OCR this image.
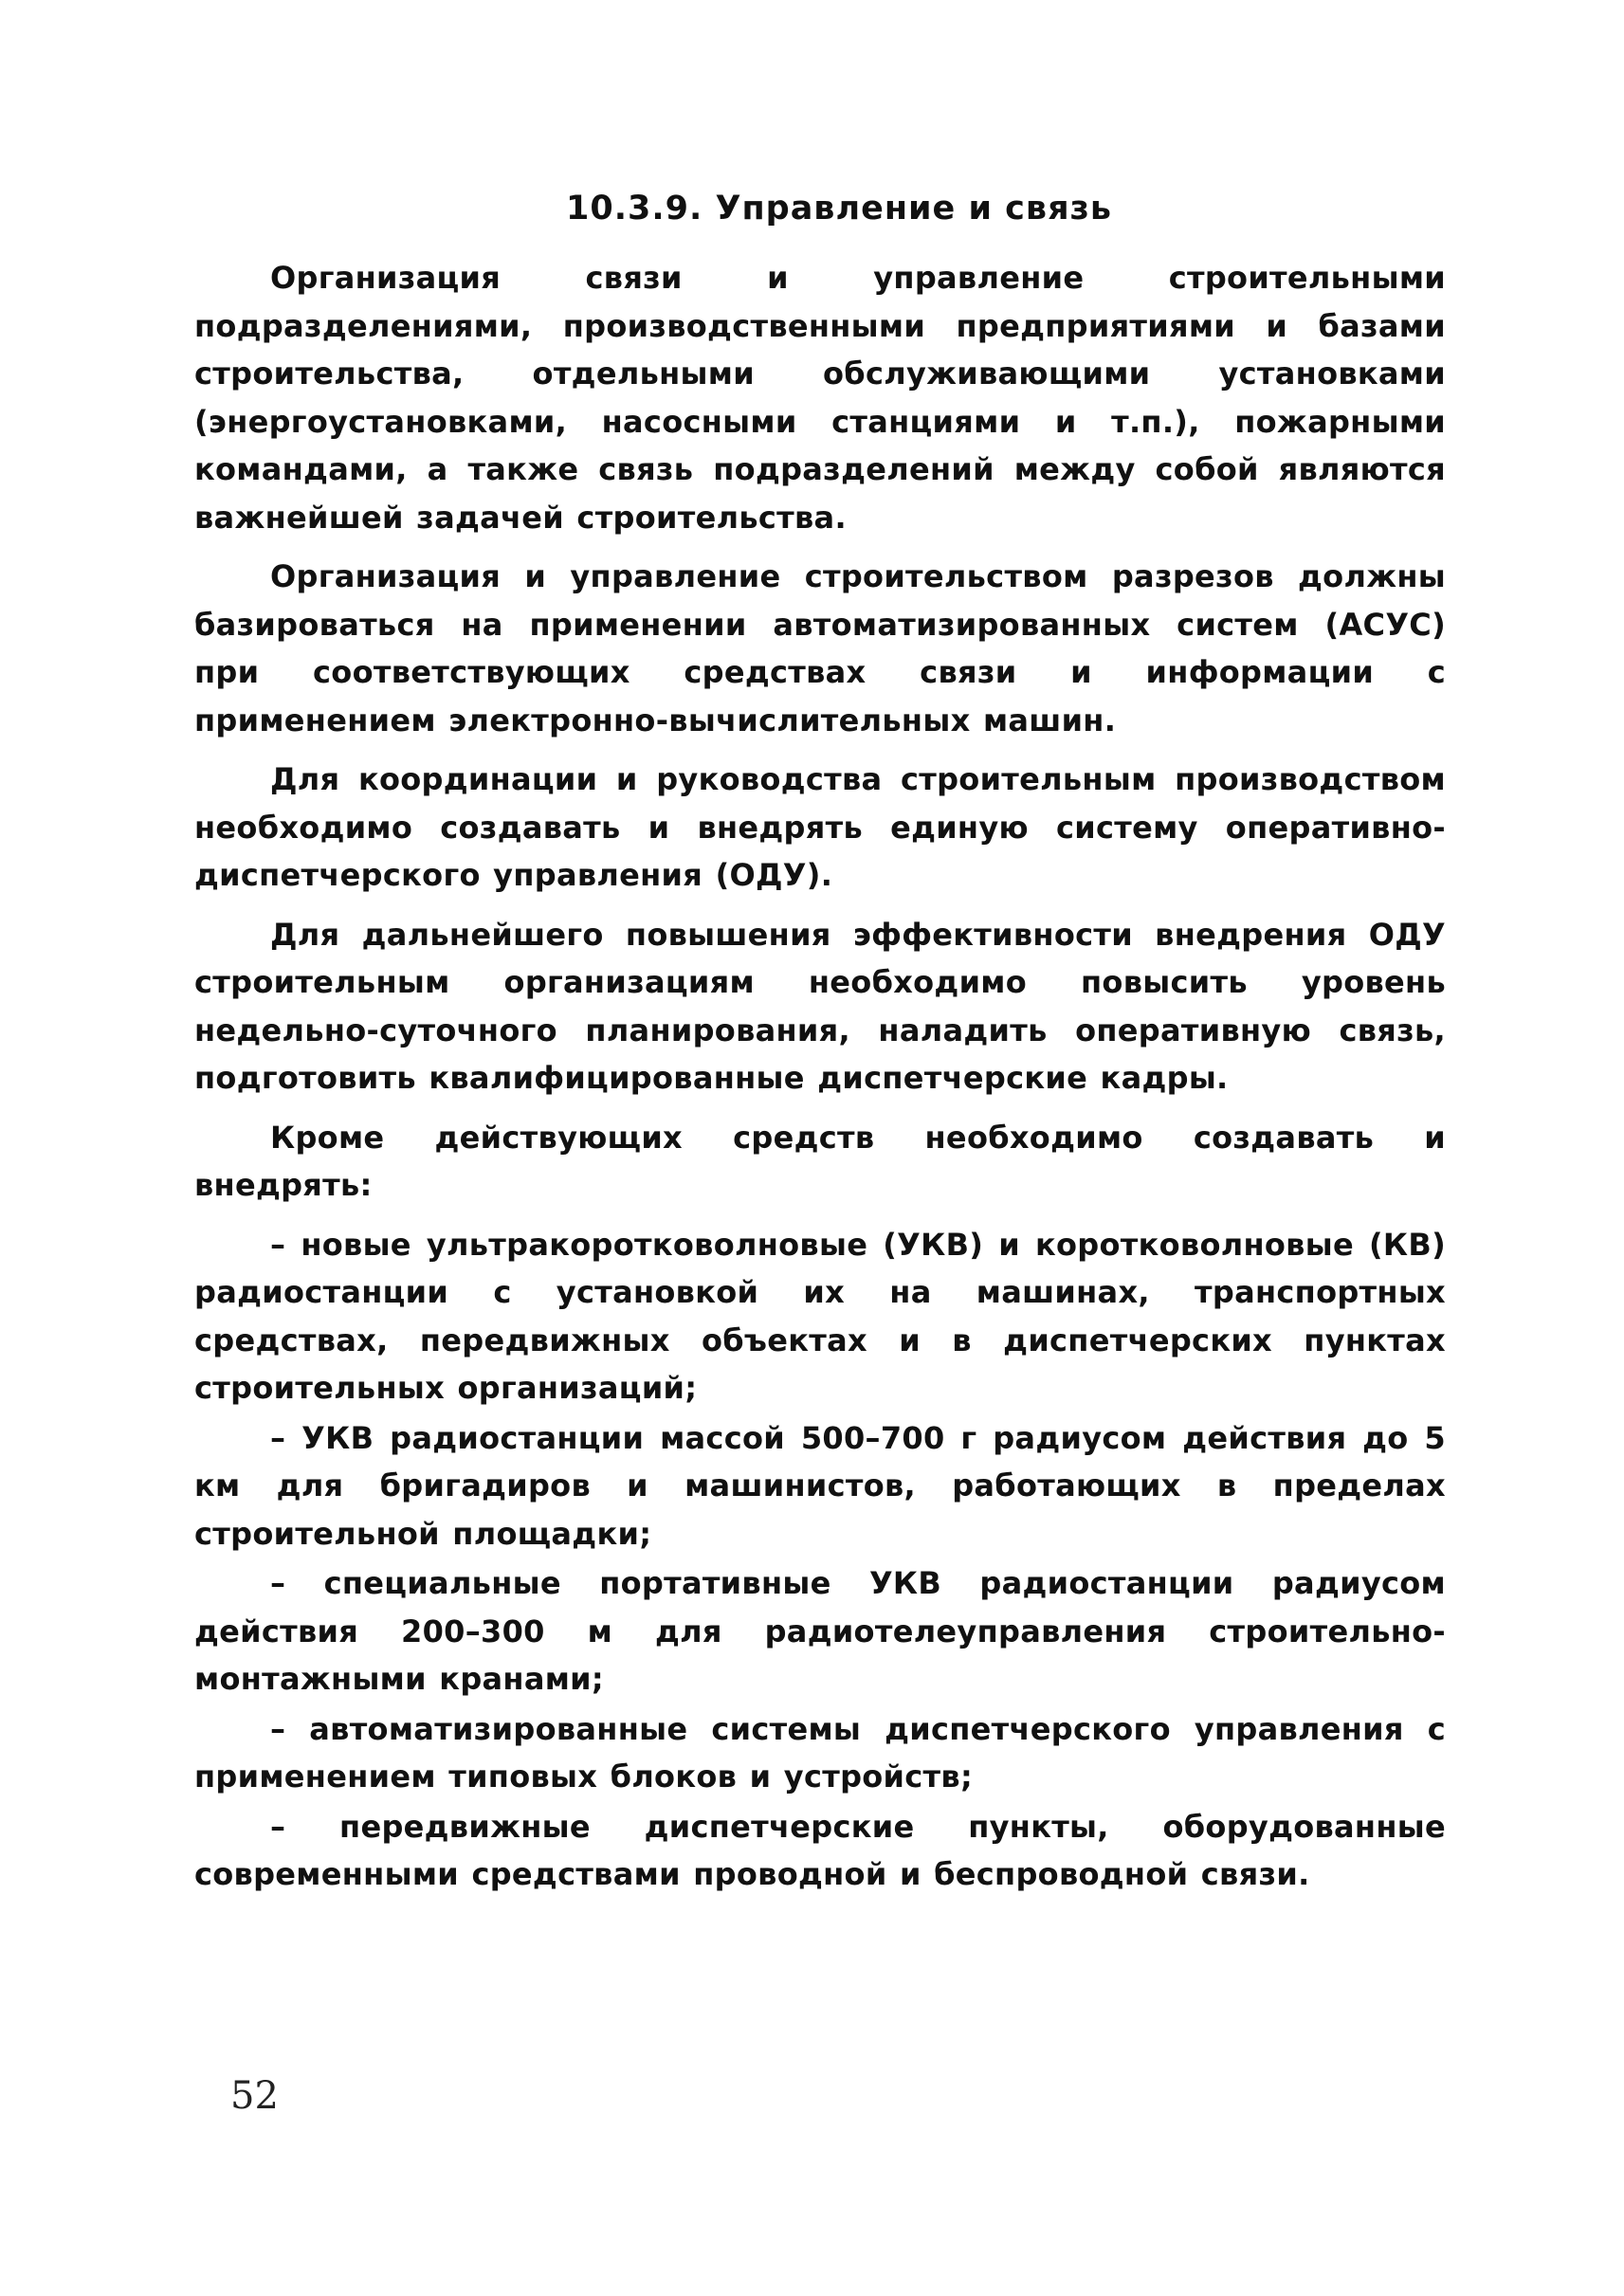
10.3.9. Управление и связь

Организация связи и управление строительными подразделениями, производственными предприятиями и базами строительства, отдельными обслуживающими установками (энергоустановками, насосными станциями и т.п.), пожарными командами, а также связь подразделений между собой являются важнейшей задачей строительства.

Организация и управление строительством разрезов должны базироваться на применении автоматизированных систем (АСУС) при соответствующих средствах связи и информации с применением электронно-вычислительных машин.

Для координации и руководства строительным производством необходимо создавать и внедрять единую систему оперативно-диспетчерского управления (ОДУ).

Для дальнейшего повышения эффективности внедрения ОДУ строительным организациям необходимо повысить уровень недельно-суточного планирования, наладить оперативную связь, подготовить квалифицированные диспетчерские кадры.

Кроме действующих средств необходимо создавать и внедрять:

– новые ультракоротковолновые (УКВ) и коротковолновые (КВ) радиостанции с установкой их на машинах, транспортных средствах, передвижных объектах и в диспетчерских пунктах строительных организаций;
– УКВ радиостанции массой 500–700 г радиусом действия до 5 км для бригадиров и машинистов, работающих в пределах строительной площадки;
– специальные портативные УКВ радиостанции радиусом действия 200–300 м для радиотелеуправления строительно-монтажными кранами;
– автоматизированные системы диспетчерского управления с применением типовых блоков и устройств;
– передвижные диспетчерские пункты, оборудованные современными средствами проводной и беспроводной связи.
52
